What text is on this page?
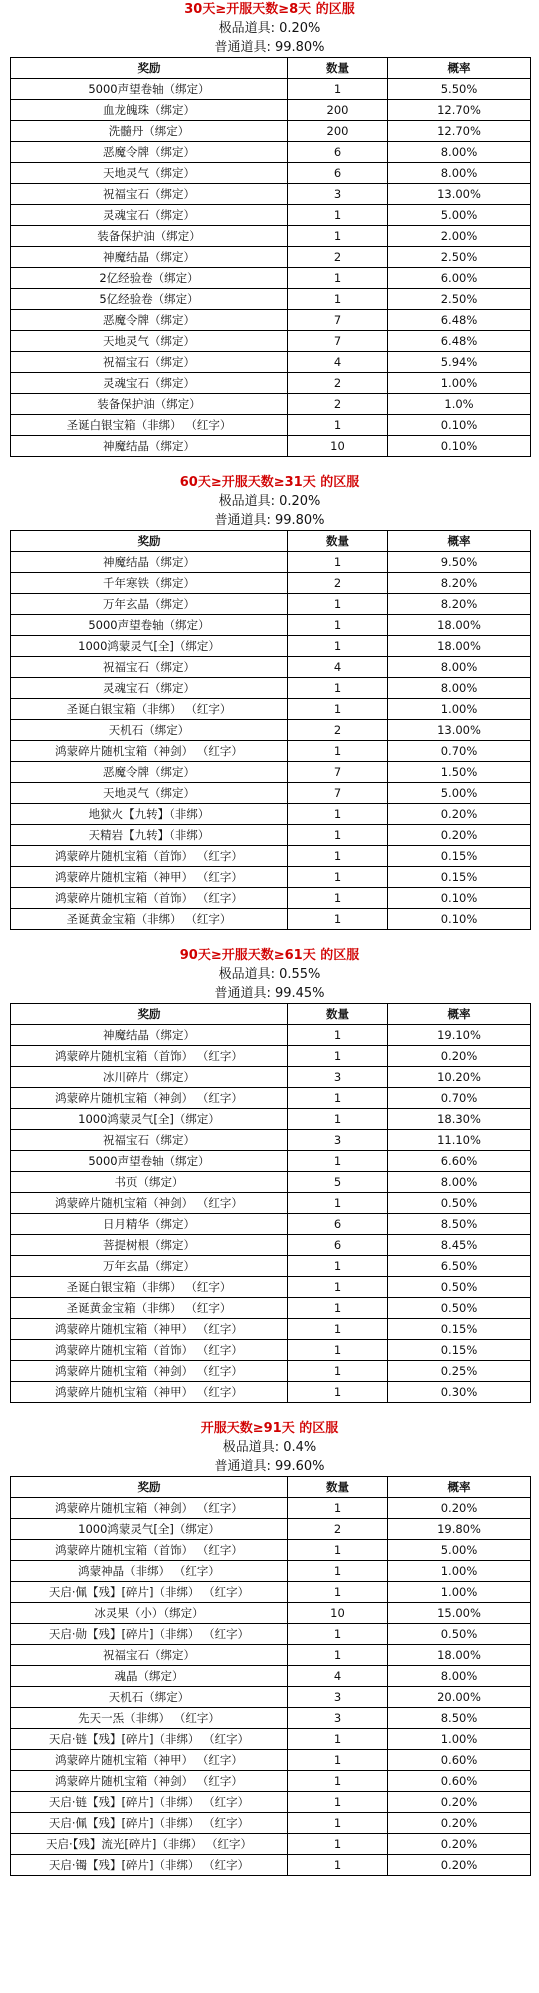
30天≥开服天数≥8天 的区服
极品道具: 0.20%
普通道具: 99.80%
奖励	数量	概率
5000声望卷轴（绑定）	1	5.50%
血龙魄珠（绑定）	200	12.70%
洗髓丹（绑定）	200	12.70%
恶魔令牌（绑定）	6	8.00%
天地灵气（绑定）	6	8.00%
祝福宝石（绑定）	3	13.00%
灵魂宝石（绑定）	1	5.00%
装备保护油（绑定）	1	2.00%
神魔结晶（绑定）	2	2.50%
2亿经验卷（绑定）	1	6.00%
5亿经验卷（绑定）	1	2.50%
恶魔令牌（绑定）	7	6.48%
天地灵气（绑定）	7	6.48%
祝福宝石（绑定）	4	5.94%
灵魂宝石（绑定）	2	1.00%
装备保护油（绑定）	2	1.0%
圣诞白银宝箱（非绑） （红字）	1	0.10%
神魔结晶（绑定）	10	0.10%
60天≥开服天数≥31天 的区服
极品道具: 0.20%
普通道具: 99.80%
奖励	数量	概率
神魔结晶（绑定）	1	9.50%
千年寒铁（绑定）	2	8.20%
万年玄晶（绑定）	1	8.20%
5000声望卷轴（绑定）	1	18.00%
1000鸿蒙灵气[全]（绑定）	1	18.00%
祝福宝石（绑定）	4	8.00%
灵魂宝石（绑定）	1	8.00%
圣诞白银宝箱（非绑） （红字）	1	1.00%
天机石（绑定）	2	13.00%
鸿蒙碎片随机宝箱（神剑） （红字）	1	0.70%
恶魔令牌（绑定）	7	1.50%
天地灵气（绑定）	7	5.00%
地狱火【九转】（非绑）	1	0.20%
天精岩【九转】（非绑）	1	0.20%
鸿蒙碎片随机宝箱（首饰） （红字）	1	0.15%
鸿蒙碎片随机宝箱（神甲） （红字）	1	0.15%
鸿蒙碎片随机宝箱（首饰） （红字）	1	0.10%
圣诞黄金宝箱（非绑） （红字）	1	0.10%
90天≥开服天数≥61天 的区服
极品道具: 0.55%
普通道具: 99.45%
奖励	数量	概率
神魔结晶（绑定）	1	19.10%
鸿蒙碎片随机宝箱（首饰） （红字）	1	0.20%
冰川碎片（绑定）	3	10.20%
鸿蒙碎片随机宝箱（神剑） （红字）	1	0.70%
1000鸿蒙灵气[全]（绑定）	1	18.30%
祝福宝石（绑定）	3	11.10%
5000声望卷轴（绑定）	1	6.60%
书页（绑定）	5	8.00%
鸿蒙碎片随机宝箱（神剑） （红字）	1	0.50%
日月精华（绑定）	6	8.50%
菩提树根（绑定）	6	8.45%
万年玄晶（绑定）	1	6.50%
圣诞白银宝箱（非绑） （红字）	1	0.50%
圣诞黄金宝箱（非绑） （红字）	1	0.50%
鸿蒙碎片随机宝箱（神甲） （红字）	1	0.15%
鸿蒙碎片随机宝箱（首饰） （红字）	1	0.15%
鸿蒙碎片随机宝箱（神剑） （红字）	1	0.25%
鸿蒙碎片随机宝箱（神甲） （红字）	1	0.30%
开服天数≥91天 的区服
极品道具: 0.4%
普通道具: 99.60%
奖励	数量	概率
鸿蒙碎片随机宝箱（神剑） （红字）	1	0.20%
1000鸿蒙灵气[全]（绑定）	2	19.80%
鸿蒙碎片随机宝箱（首饰） （红字）	1	5.00%
鸿蒙神晶（非绑） （红字）	1	1.00%
天启·佩【残】[碎片]（非绑） （红字）	1	1.00%
冰灵果（小）（绑定）	10	15.00%
天启·勋【残】[碎片]（非绑） （红字）	1	0.50%
祝福宝石（绑定）	1	18.00%
魂晶（绑定）	4	8.00%
天机石（绑定）	3	20.00%
先天一炁（非绑） （红字）	3	8.50%
天启·链【残】[碎片]（非绑） （红字）	1	1.00%
鸿蒙碎片随机宝箱（神甲） （红字）	1	0.60%
鸿蒙碎片随机宝箱（神剑） （红字）	1	0.60%
天启·链【残】[碎片]（非绑） （红字）	1	0.20%
天启·佩【残】[碎片]（非绑） （红字）	1	0.20%
天启·【残】流光[碎片]（非绑） （红字）	1	0.20%
天启·镯【残】[碎片]（非绑） （红字）	1	0.20%
